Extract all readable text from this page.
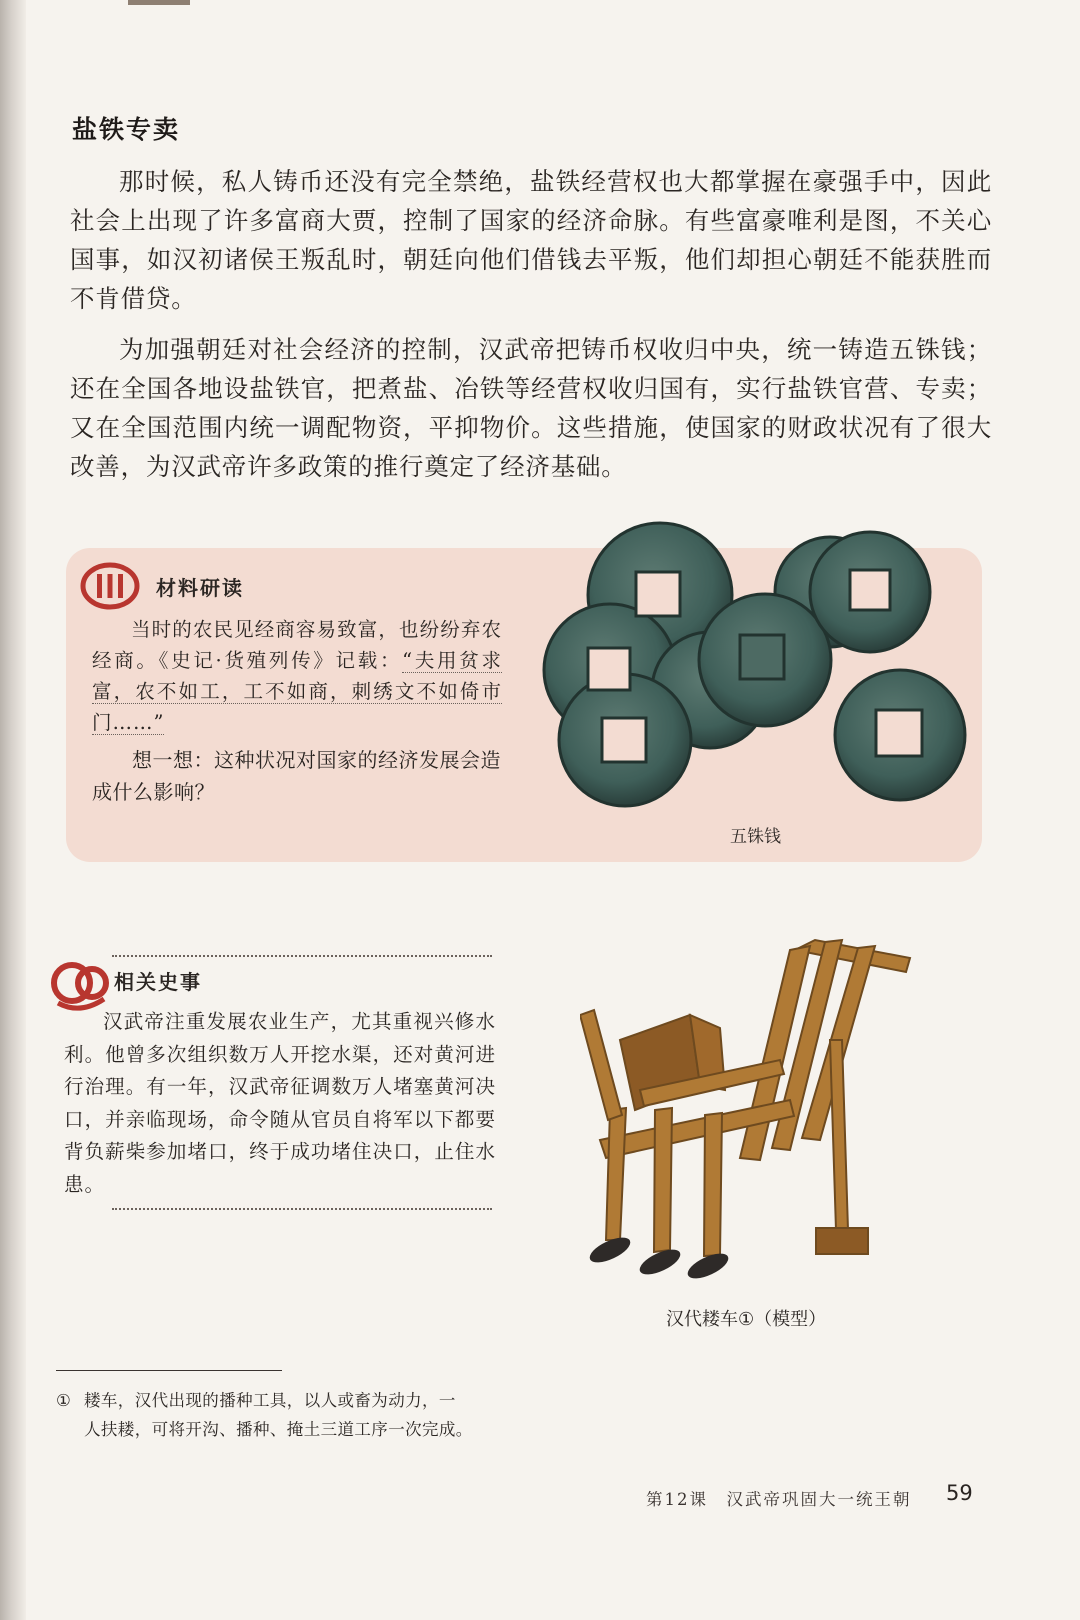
盐铁专卖

那时候，私人铸币还没有完全禁绝，盐铁经营权也大都掌握在豪强手中，因此社会上出现了许多富商大贾，控制了国家的经济命脉。有些富豪唯利是图，不关心国事，如汉初诸侯王叛乱时，朝廷向他们借钱去平叛，他们却担心朝廷不能获胜而不肯借贷。

为加强朝廷对社会经济的控制，汉武帝把铸币权收归中央，统一铸造五铢钱；还在全国各地设盐铁官，把煮盐、冶铁等经营权收归国有，实行盐铁官营、专卖；又在全国范围内统一调配物资，平抑物价。这些措施，使国家的财政状况有了很大改善，为汉武帝许多政策的推行奠定了经济基础。

材料研读

当时的农民见经商容易致富，也纷纷弃农经商。《史记·货殖列传》记载：“夫用贫求富，农不如工，工不如商，刺绣文不如倚市门……”

想一想：这种状况对国家的经济发展会造成什么影响？

五铢钱
相关史事

汉武帝注重发展农业生产，尤其重视兴修水利。他曾多次组织数万人开挖水渠，还对黄河进行治理。有一年，汉武帝征调数万人堵塞黄河决口，并亲临现场，命令随从官员自将军以下都要背负薪柴参加堵口，终于成功堵住决口，止住水患。

汉代耧车①（模型）
① 耧车，汉代出现的播种工具，以人或畜为动力，一
人扶耧，可将开沟、播种、掩土三道工序一次完成。
第12课　汉武帝巩固大一统王朝 59
